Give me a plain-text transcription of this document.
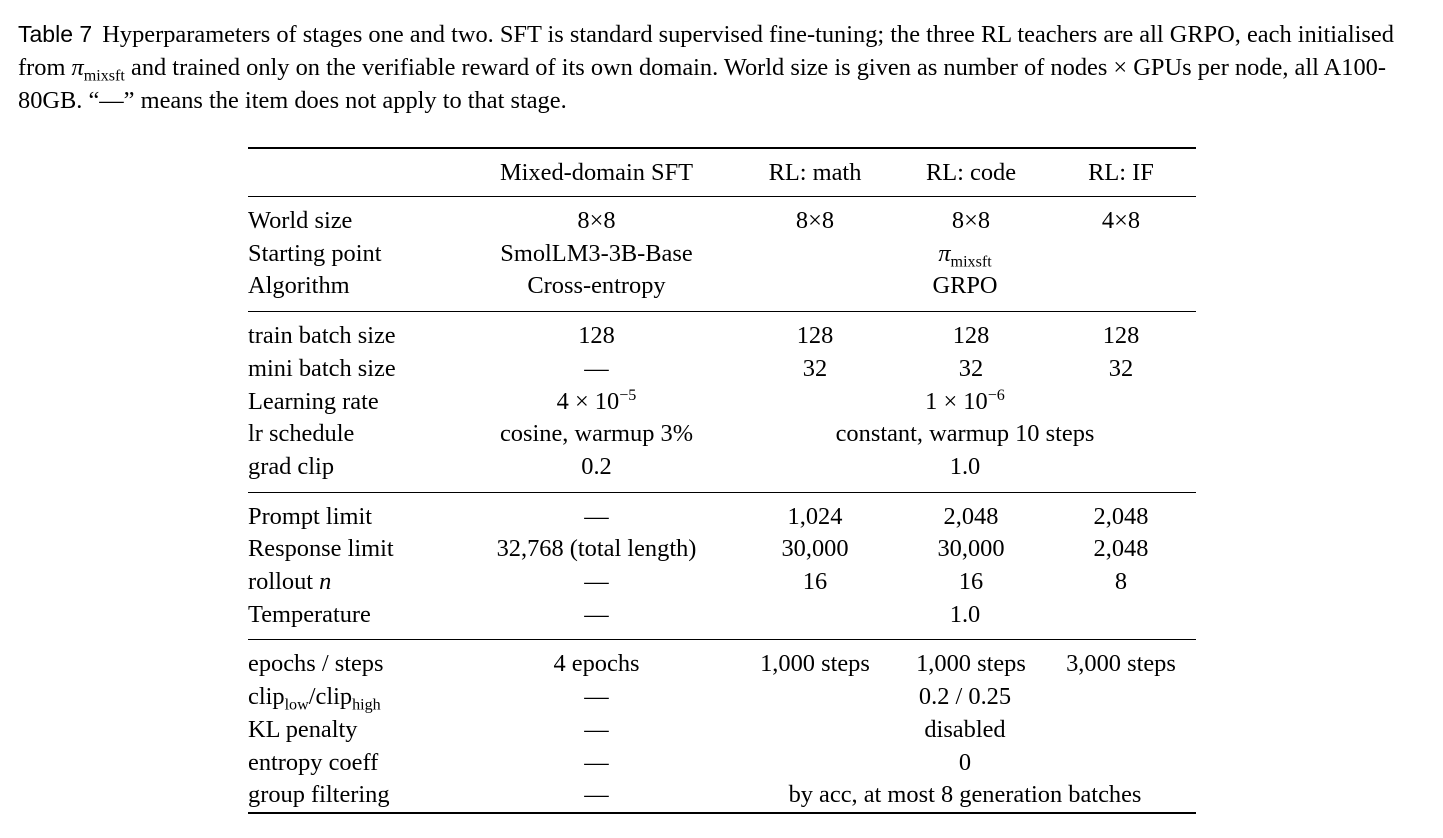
Table 7 Hyperparameters of stages one and two. SFT is standard supervised fine-tuning; the three RL teachers are all GRPO, each initialised from $\pi_{mixsft}$ and trained only on the verifiable reward of its own domain. World size is given as number of nodes × GPUs per node, all A100-80GB. “—” means the item does not apply to that stage.

	Mixed-domain SFT	RL: math	RL: code	RL: IF
World size	8×8	8×8	8×8	4×8
Starting point	SmolLM3-3B-Base	$\pi_{mixsft}$
Algorithm	Cross-entropy	GRPO		
train batch size	128	128	128	128
mini batch size	—	32	32	32
Learning rate	$4 \times 10^{-5}$	$1 \times 10^{-6}$
lr schedule	cosine, warmup 3%	constant, warmup 10 steps		
grad clip	0.2	1.0		
Prompt limit	—	1,024	2,048	2,048
Response limit	32,768 (total length)	30,000	30,000	2,048
rollout n	—	16	16	8
Temperature	—	1.0		
epochs / steps	4 epochs	1,000 steps	1,000 steps	3,000 steps
clip$_{low}$/clip$_{high}$	—	0.2 / 0.25		
KL penalty	—	disabled		
entropy coeff	—	0		
group filtering	—	by acc, at most 8 generation batches		
